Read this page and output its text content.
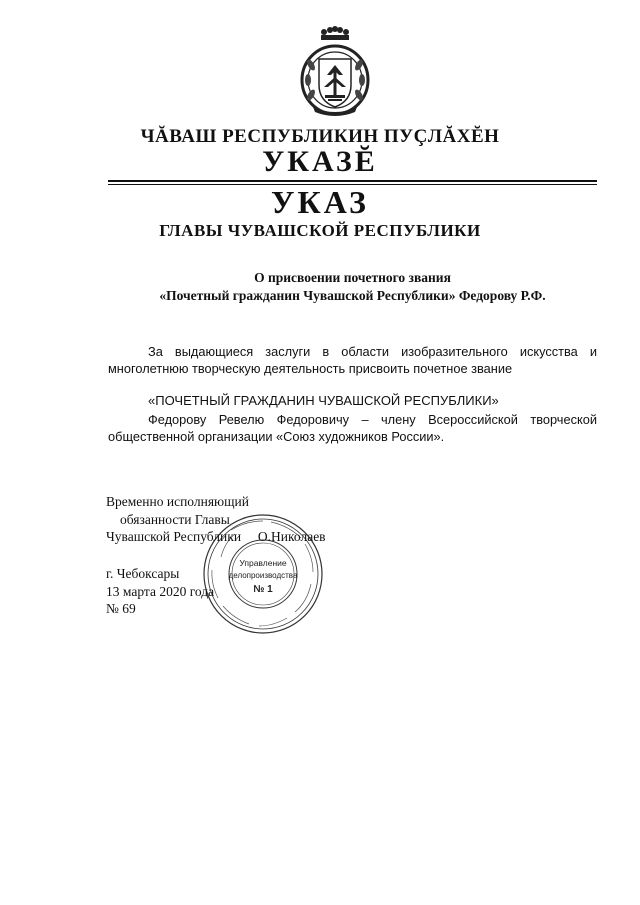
ЧĂВАШ РЕСПУБЛИКИН ПУÇЛĂХĔН
УКАЗĔ
УКАЗ
ГЛАВЫ ЧУВАШСКОЙ РЕСПУБЛИКИ
О присвоении почетного звания
«Почетный гражданин Чувашской Республики» Федорову Р.Ф.
За выдающиеся заслуги в области изобразительного искусства и
многолетнюю творческую деятельность присвоить почетное звание
«ПОЧЕТНЫЙ ГРАЖДАНИН ЧУВАШСКОЙ РЕСПУБЛИКИ»
Федорову Ревелю Федоровичу – члену Всероссийской творческой
общественной организации «Союз художников России».
Управление
делопроизводства
№ 1
Временно исполняющий
обязанности Главы
Чувашской Республики     О.Николаев
г. Чебоксары
13 марта 2020 года
№ 69
